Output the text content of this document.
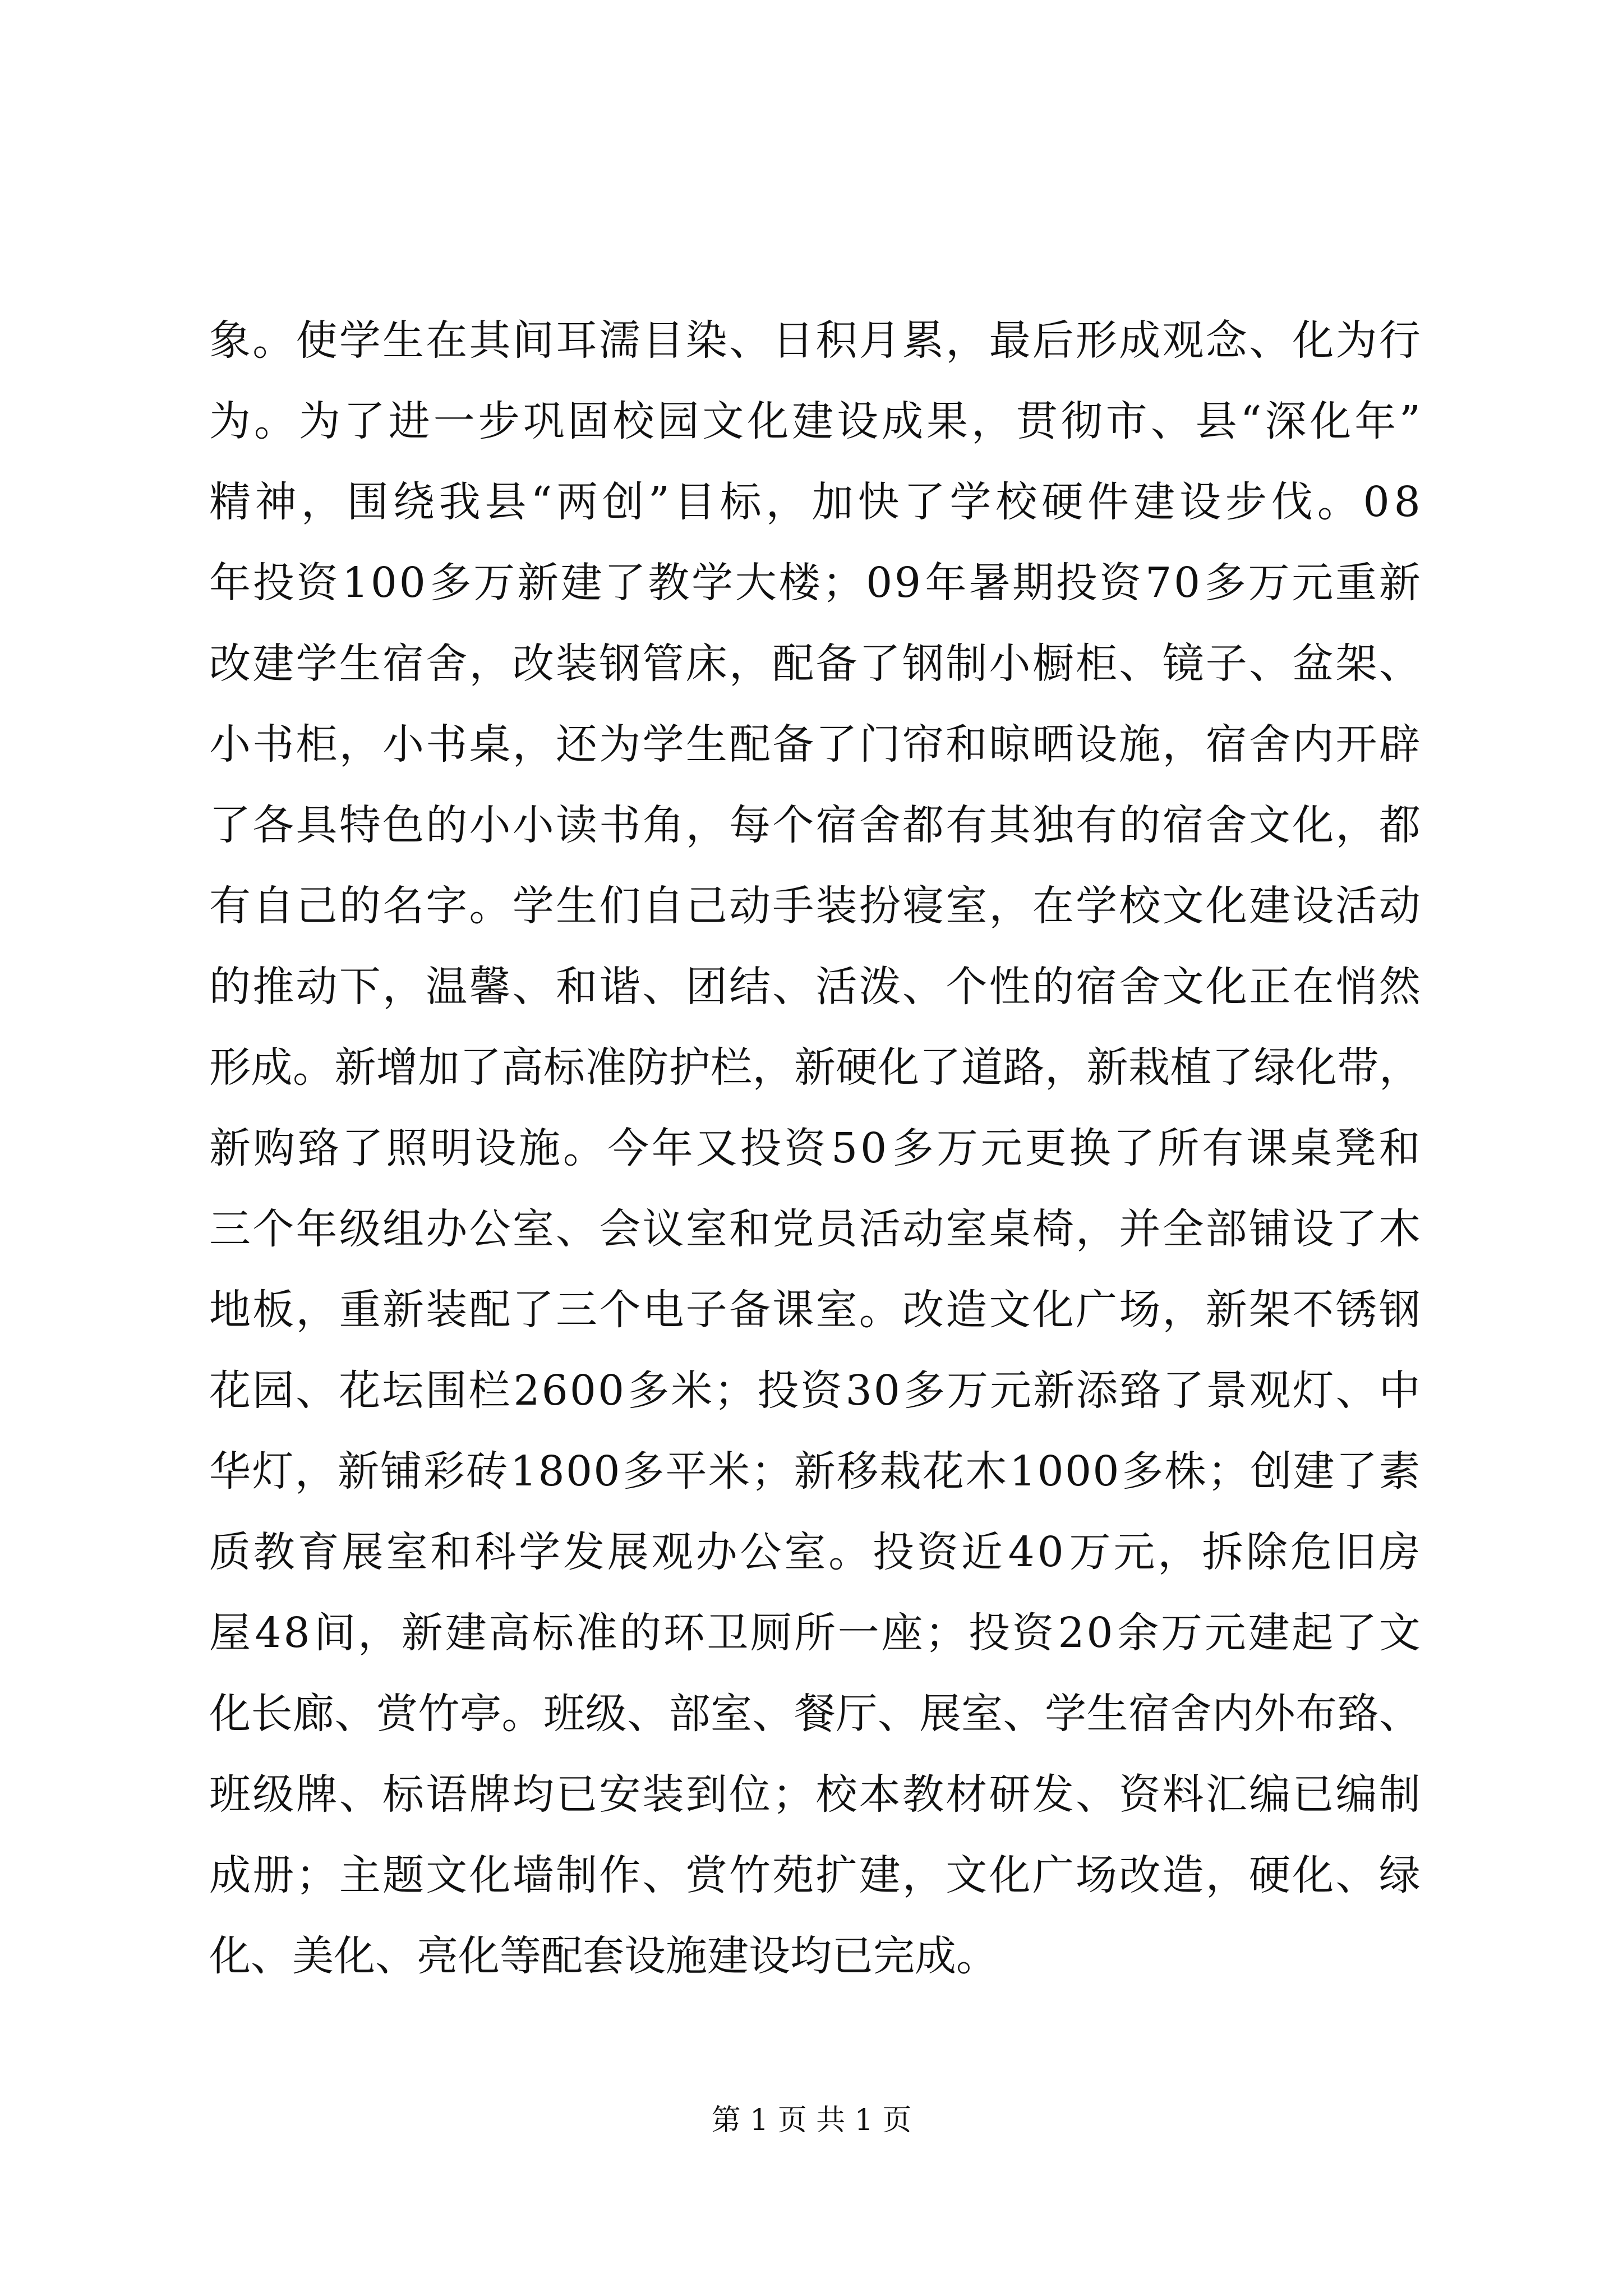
象 。 使 学 生 在 其 间 耳 濡 目 染 、 日 积 月 累 ， 最 后 形 成 观 念 、 化 为 行
为 。 为 了 进 一 步 巩 固 校 园 文 化 建 设 成 果 ， 贯 彻 市 、 县 “ 深 化 年 ”
精 神 ， 围 绕 我 县 “ 两 创 ” 目 标 ， 加 快 了 学 校 硬 件 建 设 步 伐 。 0 8
年 投 资 1 0 0 多 万 新 建 了 教 学 大 楼 ； 0 9 年 暑 期 投 资 7 0 多 万 元 重 新
改 建 学 生 宿 舍 ， 改 装 钢 管 床 ， 配 备 了 钢 制 小 橱 柜 、 镜 子 、 盆 架 、
小 书 柜 ， 小 书 桌 ， 还 为 学 生 配 备 了 门 帘 和 晾 晒 设 施 ， 宿 舍 内 开 辟
了 各 具 特 色 的 小 小 读 书 角 ， 每 个 宿 舍 都 有 其 独 有 的 宿 舍 文 化 ， 都
有 自 己 的 名 字 。 学 生 们 自 己 动 手 装 扮 寝 室 ， 在 学 校 文 化 建 设 活 动
的 推 动 下 ， 温 馨 、 和 谐 、 团 结 、 活 泼 、 个 性 的 宿 舍 文 化 正 在 悄 然
形 成 。 新 增 加 了 高 标 准 防 护 栏 ， 新 硬 化 了 道 路 ， 新 栽 植 了 绿 化 带 ，
新 购 臵 了 照 明 设 施 。 今 年 又 投 资 5 0 多 万 元 更 换 了 所 有 课 桌 凳 和
三 个 年 级 组 办 公 室 、 会 议 室 和 党 员 活 动 室 桌 椅 ， 并 全 部 铺 设 了 木
地 板 ， 重 新 装 配 了 三 个 电 子 备 课 室 。 改 造 文 化 广 场 ， 新 架 不 锈 钢
花 园 、 花 坛 围 栏 2 6 0 0 多 米 ； 投 资 3 0 多 万 元 新 添 臵 了 景 观 灯 、 中
华 灯 ， 新 铺 彩 砖 1 8 0 0 多 平 米 ； 新 移 栽 花 木 1 0 0 0 多 株 ； 创 建 了 素
质 教 育 展 室 和 科 学 发 展 观 办 公 室 。 投 资 近 4 0 万 元 ， 拆 除 危 旧 房
屋 4 8 间 ， 新 建 高 标 准 的 环 卫 厕 所 一 座 ； 投 资 2 0 余 万 元 建 起 了 文
化 长 廊 、 赏 竹 亭 。 班 级 、 部 室 、 餐 厅 、 展 室 、 学 生 宿 舍 内 外 布 臵 、
班 级 牌 、 标 语 牌 均 已 安 装 到 位 ； 校 本 教 材 研 发 、 资 料 汇 编 已 编 制
成 册 ； 主 题 文 化 墙 制 作 、 赏 竹 苑 扩 建 ， 文 化 广 场 改 造 ， 硬 化 、 绿
化、美化、亮化等配套设施建设均已完成。
第 1 页 共 1 页
